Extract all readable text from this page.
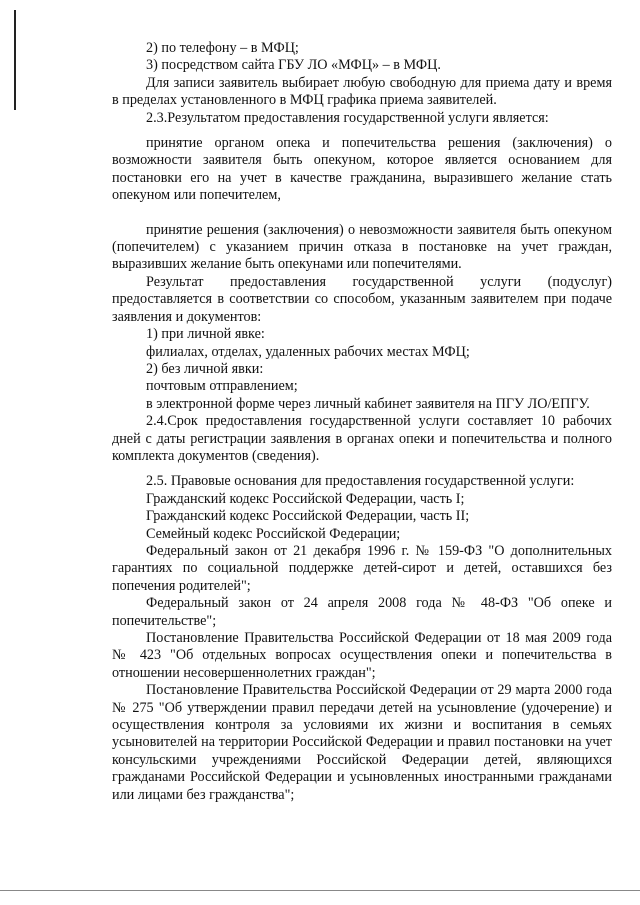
2) по телефону – в МФЦ;

3) посредством сайта ГБУ ЛО «МФЦ» – в МФЦ.

Для записи заявитель выбирает любую свободную для приема дату и время в пределах установленного в МФЦ графика приема заявителей.

2.3.Результатом предоставления государственной услуги является:

принятие органом опека и попечительства решения (заключения) о возможности заявителя быть опекуном, которое является основанием для постановки его на учет в качестве гражданина, выразившего желание стать опекуном или попечителем,

принятие решения (заключения) о невозможности заявителя быть опекуном (попечителем) с указанием причин отказа в постановке на учет граждан, выразивших желание быть опекунами или попечителями.

Результат предоставления государственной услуги (подуслуг) предоставляется в соответствии со способом, указанным заявителем при подаче заявления и документов:

1) при личной явке:

филиалах, отделах, удаленных рабочих местах МФЦ;

2) без личной явки:

почтовым отправлением;

в электронной форме через личный кабинет заявителя на ПГУ ЛО/ЕПГУ.

2.4.Срок предоставления государственной услуги составляет 10 рабочих дней с даты регистрации заявления в органах опеки и попечительства и полного комплекта документов (сведения).

2.5. Правовые основания для предоставления государственной услуги:

Гражданский кодекс Российской Федерации, часть I;

Гражданский кодекс Российской Федерации, часть II;

Семейный кодекс Российской Федерации;

Федеральный закон от 21 декабря 1996 г. № 159-ФЗ "О дополнительных гарантиях по социальной поддержке детей-сирот и детей, оставшихся без попечения родителей";

Федеральный закон от 24 апреля 2008 года № 48-ФЗ "Об опеке и попечительстве";

Постановление Правительства Российской Федерации от 18 мая 2009 года № 423 "Об отдельных вопросах осуществления опеки и попечительства в отношении несовершеннолетних граждан";

Постановление Правительства Российской Федерации от 29 марта 2000 года № 275 "Об утверждении правил передачи детей на усыновление (удочерение) и осуществления контроля за условиями их жизни и воспитания в семьях усыновителей на территории Российской Федерации и правил постановки на учет консульскими учреждениями Российской Федерации детей, являющихся гражданами Российской Федерации и усыновленных иностранными гражданами или лицами без гражданства";
